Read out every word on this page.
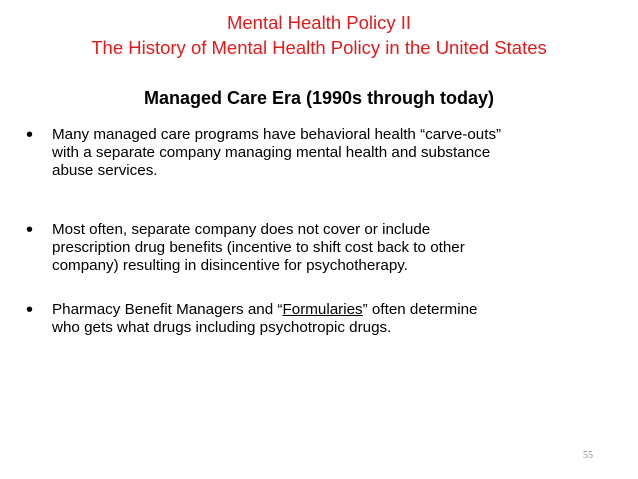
Mental Health Policy II
The History of Mental Health Policy in the United States
Managed Care Era (1990s through today)
• Many managed care programs have behavioral health “carve-outs”
with a separate company managing mental health and substance
abuse services.
• Most often, separate company does not cover or include
prescription drug benefits (incentive to shift cost back to other
company) resulting in disincentive for psychotherapy.
• Pharmacy Benefit Managers and “Formularies” often determine
who gets what drugs including psychotropic drugs.
55
